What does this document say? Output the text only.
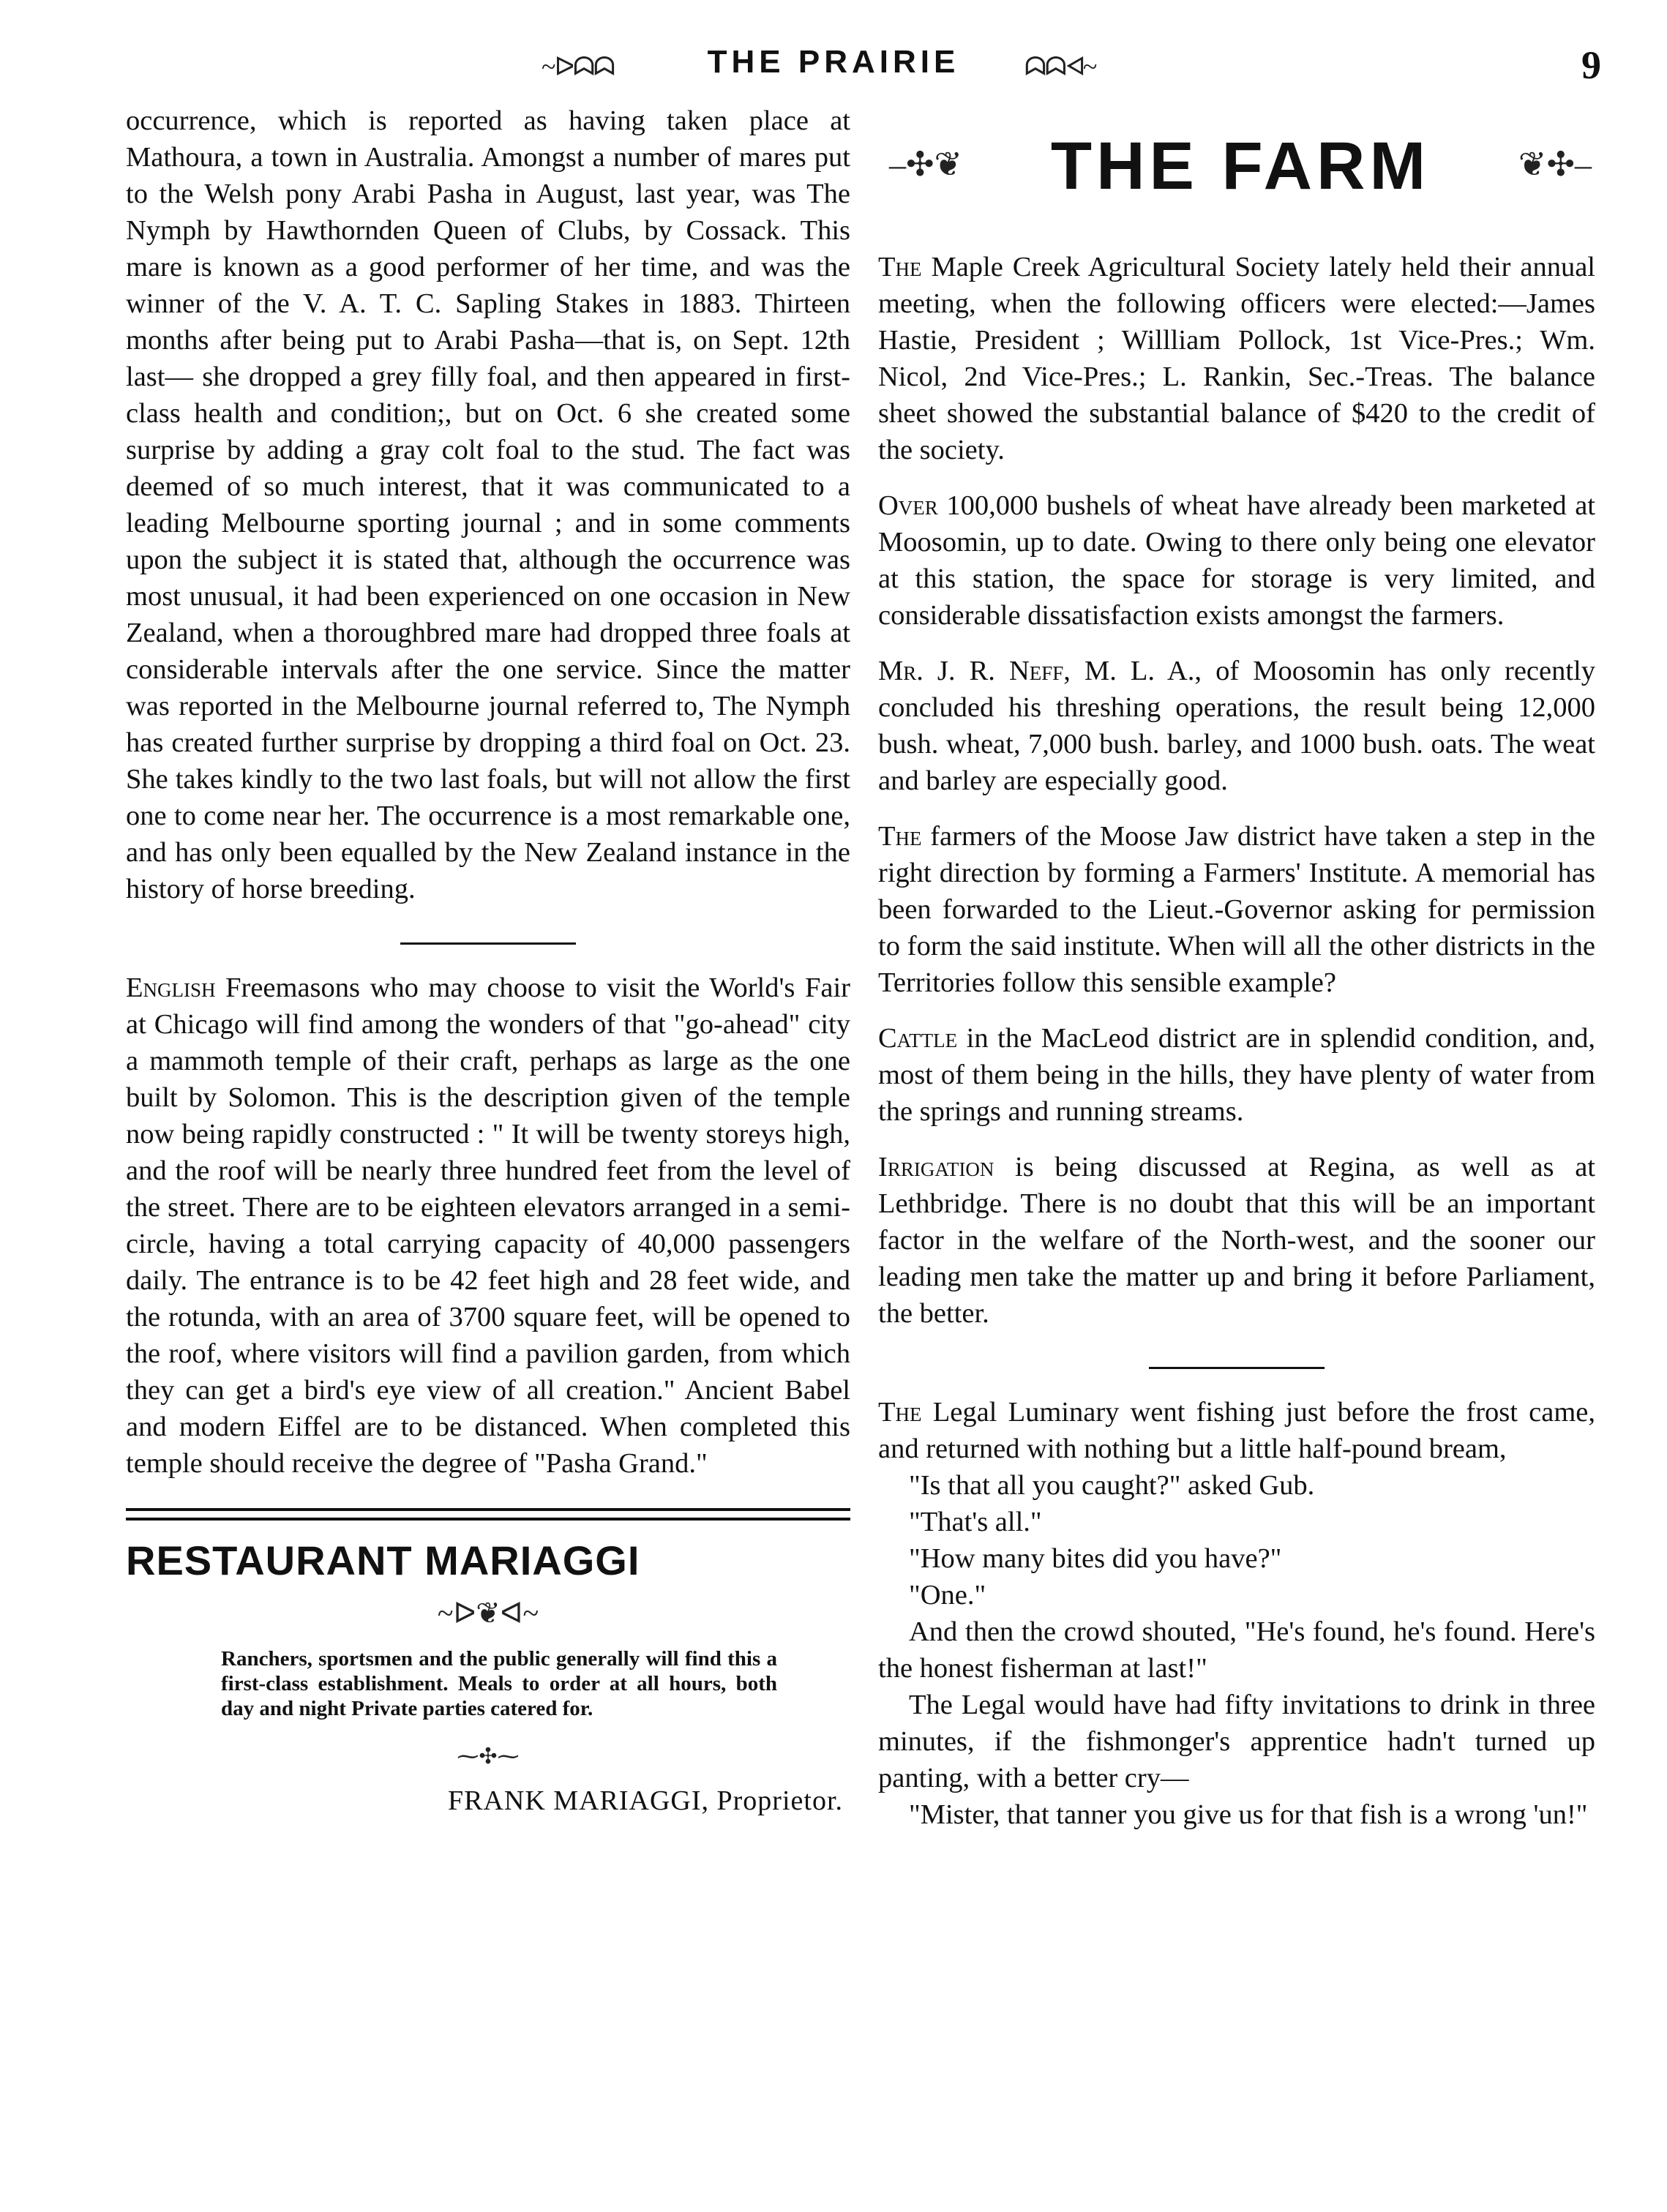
~ᐅᗣᗣ	THE PRAIRIE	ᗣᗣᐊ~	9

occurrence, which is reported as having taken place at Mathoura, a town in Australia. Amongst a number of mares put to the Welsh pony Arabi Pasha in August, last year, was The Nymph by Hawthornden Queen of Clubs, by Cossack. This mare is known as a good performer of her time, and was the winner of the V. A. T. C. Sapling Stakes in 1883. Thirteen months after being put to Arabi Pasha—that is, on Sept. 12th last— she dropped a grey filly foal, and then appeared in first-class health and condition;, but on Oct. 6 she created some surprise by adding a gray colt foal to the stud. The fact was deemed of so much interest, that it was communicated to a leading Melbourne sporting journal ; and in some comments upon the subject it is stated that, although the occurrence was most unusual, it had been experienced on one occasion in New Zealand, when a thoroughbred mare had dropped three foals at considerable intervals after the one service. Since the matter was reported in the Melbourne journal referred to, The Nymph has created further surprise by dropping a third foal on Oct. 23. She takes kindly to the two last foals, but will not allow the first one to come near her. The occurrence is a most remarkable one, and has only been equalled by the New Zealand instance in the history of horse breeding.

English Freemasons who may choose to visit the World's Fair at Chicago will find among the wonders of that "go-ahead" city a mammoth temple of their craft, perhaps as large as the one built by Solomon. This is the description given of the temple now being rapidly constructed : " It will be twenty storeys high, and the roof will be nearly three hundred feet from the level of the street. There are to be eighteen elevators arranged in a semi-circle, having a total carrying capacity of 40,000 passengers daily. The entrance is to be 42 feet high and 28 feet wide, and the rotunda, with an area of 3700 square feet, will be opened to the roof, where visitors will find a pavilion garden, from which they can get a bird's eye view of all creation." Ancient Babel and modern Eiffel are to be distanced. When completed this temple should receive the degree of "Pasha Grand."

RESTAURANT MARIAGGI
~ᐅ❦ᐊ~
Ranchers, sportsmen and the public generally will find this a first-class establishment. Meals to order at all hours, both day and night Private parties catered for.
⁓✣⁓
FRANK MARIAGGI, Proprietor.
–✣❦	THE FARM	❦✣–

The Maple Creek Agricultural Society lately held their annual meeting, when the following officers were elected:—James Hastie, President ; Willliam Pollock, 1st Vice-Pres.; Wm. Nicol, 2nd Vice-Pres.; L. Rankin, Sec.-Treas. The balance sheet showed the substantial balance of $420 to the credit of the society.

Over 100,000 bushels of wheat have already been marketed at Moosomin, up to date. Owing to there only being one elevator at this station, the space for storage is very limited, and considerable dissatisfaction exists amongst the farmers.

Mr. J. R. Neff, M. L. A., of Moosomin has only recently concluded his threshing operations, the result being 12,000 bush. wheat, 7,000 bush. barley, and 1000 bush. oats. The weat and barley are especially good.

The farmers of the Moose Jaw district have taken a step in the right direction by forming a Farmers' Institute. A memorial has been forwarded to the Lieut.-Governor asking for permission to form the said institute. When will all the other districts in the Territories follow this sensible example?

Cattle in the MacLeod district are in splendid condition, and, most of them being in the hills, they have plenty of water from the springs and running streams.

Irrigation is being discussed at Regina, as well as at Lethbridge. There is no doubt that this will be an important factor in the welfare of the North-west, and the sooner our leading men take the matter up and bring it before Parliament, the better.

The Legal Luminary went fishing just before the frost came, and returned with nothing but a little half-pound bream,

"Is that all you caught?" asked Gub.

"That's all."

"How many bites did you have?"

"One."

And then the crowd shouted, "He's found, he's found. Here's the honest fisherman at last!"

The Legal would have had fifty invitations to drink in three minutes, if the fishmonger's apprentice hadn't turned up panting, with a better cry—

"Mister, that tanner you give us for that fish is a wrong 'un!"
